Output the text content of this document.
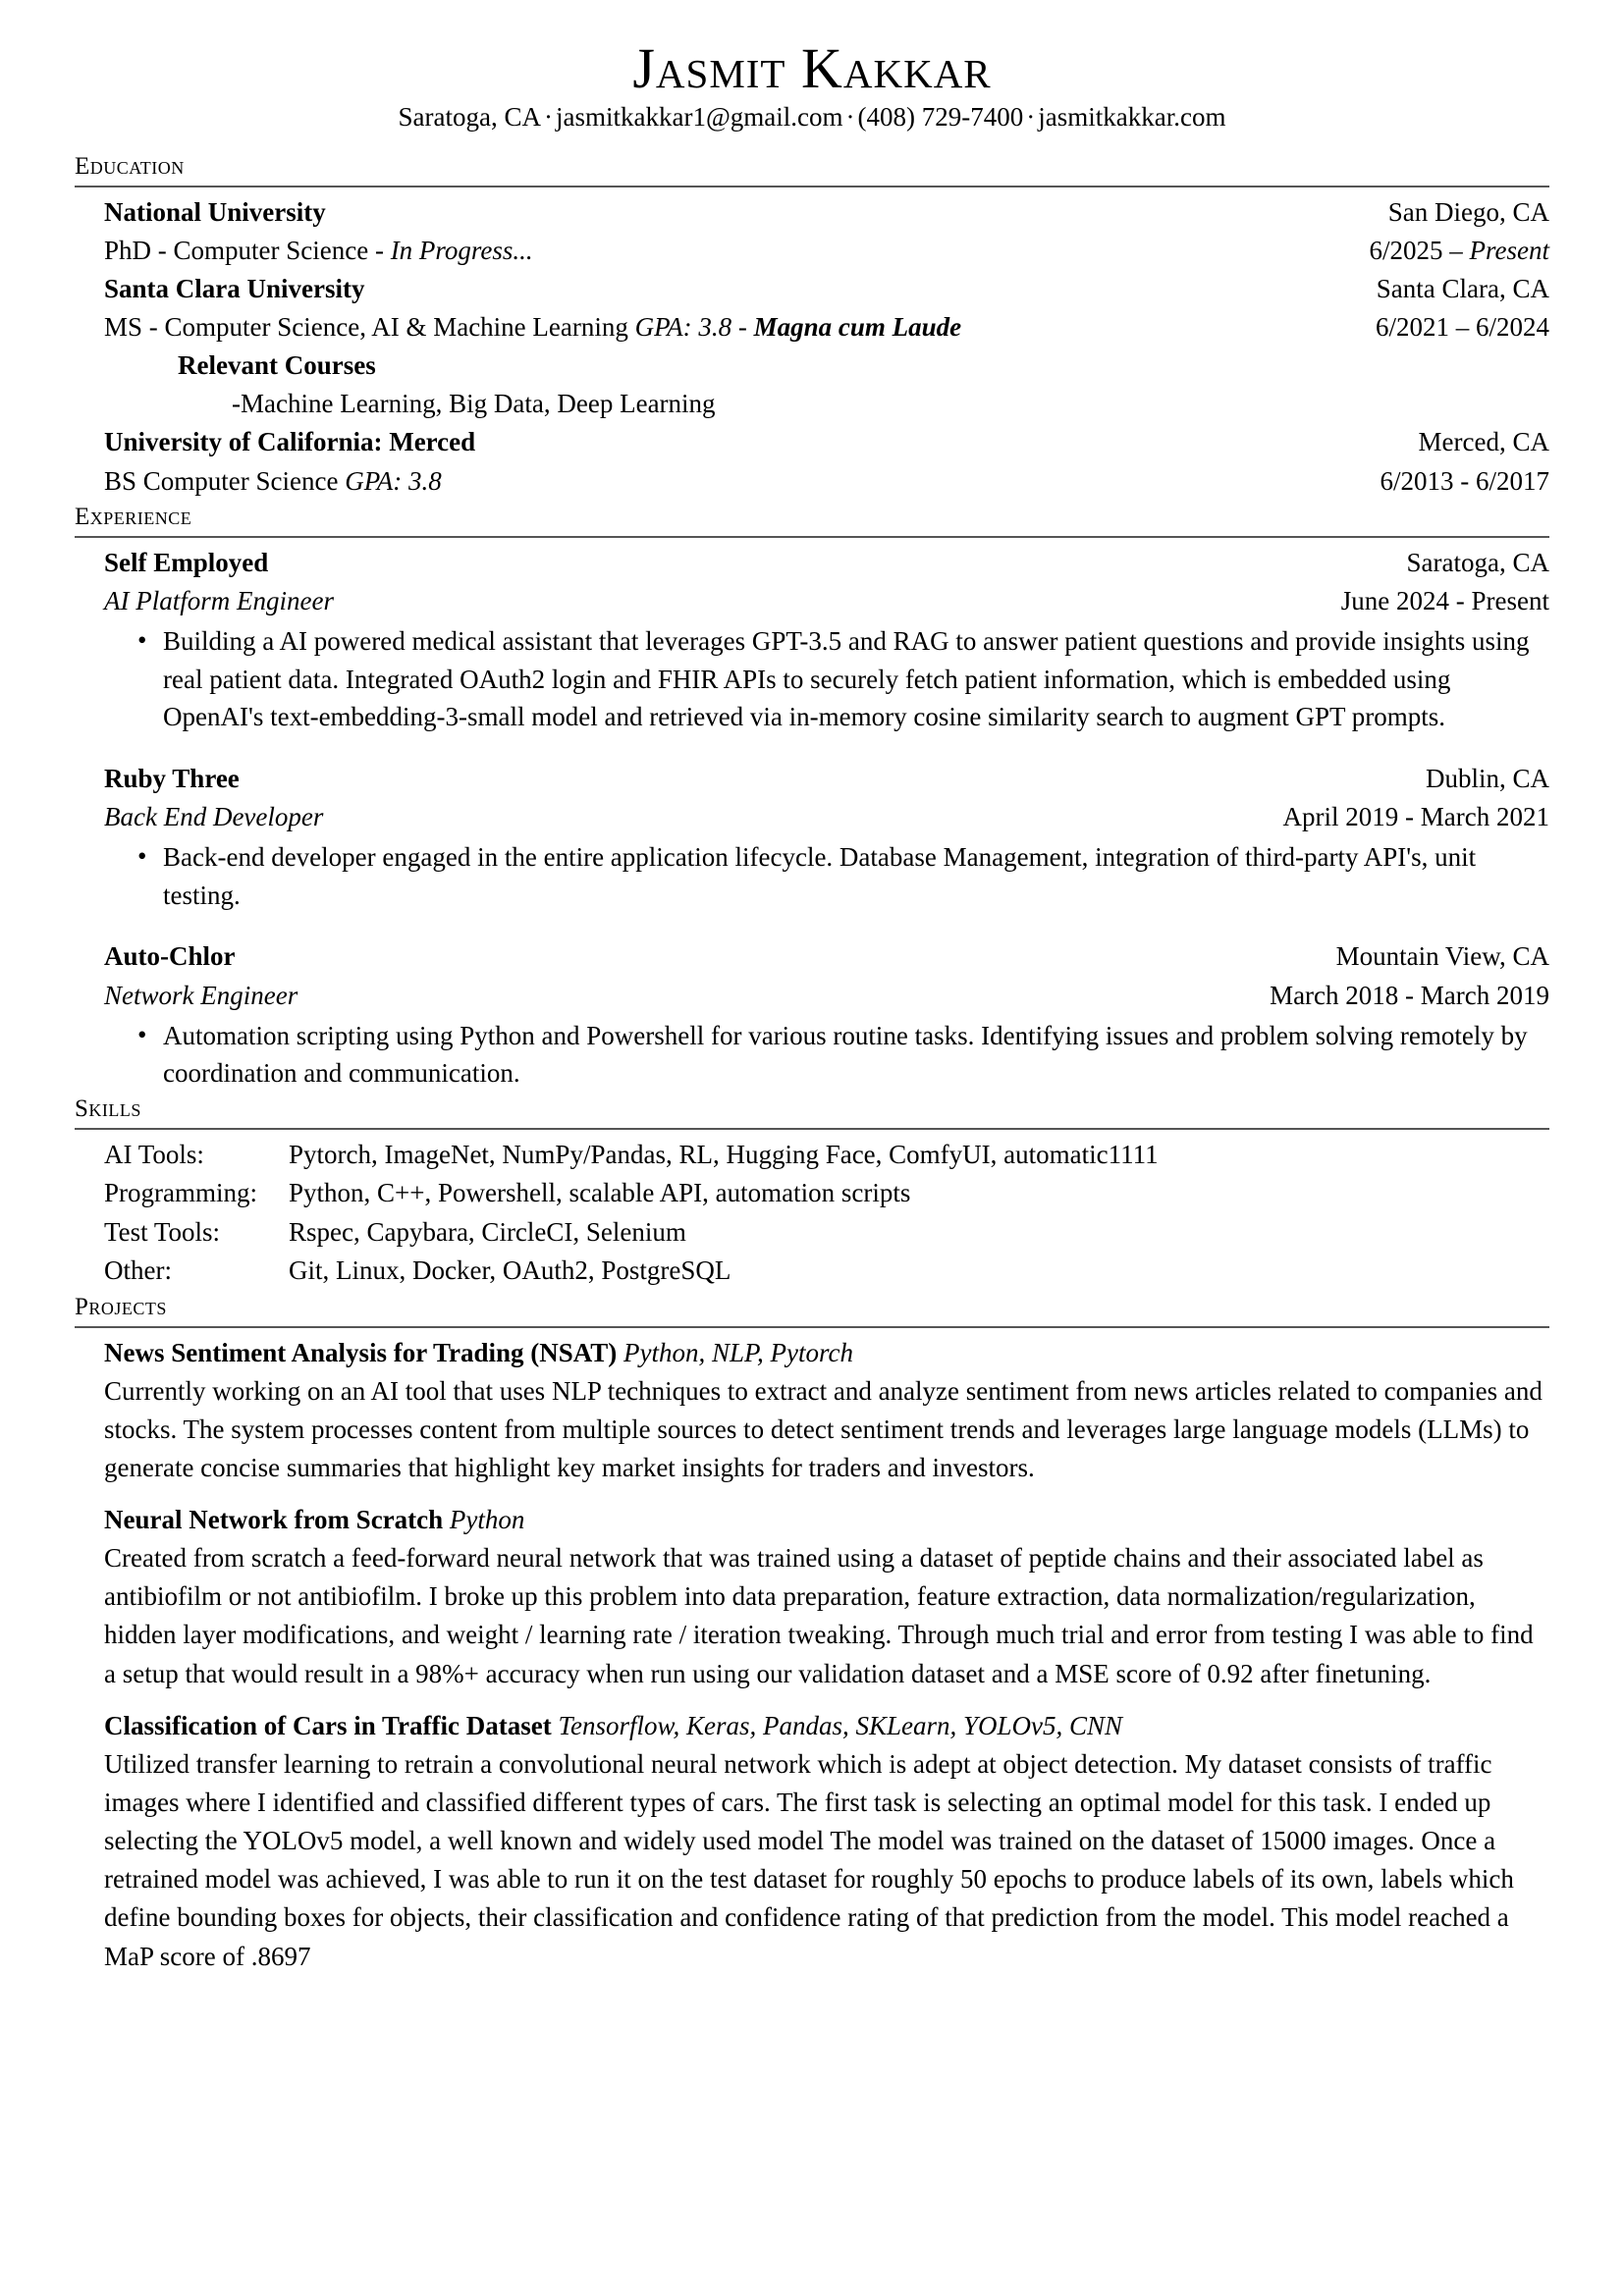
Jasmit Kakkar
Saratoga, CA · jasmitkakkar1@gmail.com · (408) 729-7400 · jasmitkakkar.com
Education
National University	San Diego, CA
PhD - Computer Science - In Progress...	6/2025 – Present
Santa Clara University	Santa Clara, CA
MS - Computer Science, AI & Machine Learning GPA: 3.8 - Magna cum Laude	6/2021 – 6/2024
Relevant Courses
-Machine Learning, Big Data, Deep Learning
University of California: Merced	Merced, CA
BS Computer Science GPA: 3.8	6/2013 - 6/2017
Experience
Self Employed	Saratoga, CA
AI Platform Engineer	June 2024 - Present
• Building a AI powered medical assistant that leverages GPT-3.5 and RAG to answer patient questions and provide insights using real patient data. Integrated OAuth2 login and FHIR APIs to securely fetch patient information, which is embedded using OpenAI's text-embedding-3-small model and retrieved via in-memory cosine similarity search to augment GPT prompts.
Ruby Three	Dublin, CA
Back End Developer	April 2019 - March 2021
• Back-end developer engaged in the entire application lifecycle. Database Management, integration of third-party API's, unit testing.
Auto-Chlor	Mountain View, CA
Network Engineer	March 2018 - March 2019
• Automation scripting using Python and Powershell for various routine tasks. Identifying issues and problem solving remotely by coordination and communication.
Skills
AI Tools:	Pytorch, ImageNet, NumPy/Pandas, RL, Hugging Face, ComfyUI, automatic1111
Programming:	Python, C++, Powershell, scalable API, automation scripts
Test Tools:	Rspec, Capybara, CircleCI, Selenium
Other:	Git, Linux, Docker, OAuth2, PostgreSQL
Projects
News Sentiment Analysis for Trading (NSAT) Python, NLP, Pytorch
Currently working on an AI tool that uses NLP techniques to extract and analyze sentiment from news articles related to companies and stocks. The system processes content from multiple sources to detect sentiment trends and leverages large language models (LLMs) to generate concise summaries that highlight key market insights for traders and investors.
Neural Network from Scratch Python
Created from scratch a feed-forward neural network that was trained using a dataset of peptide chains and their associated label as antibiofilm or not antibiofilm. I broke up this problem into data preparation, feature extraction, data normalization/regularization, hidden layer modifications, and weight / learning rate / iteration tweaking. Through much trial and error from testing I was able to find a setup that would result in a 98%+ accuracy when run using our validation dataset and a MSE score of 0.92 after finetuning.
Classification of Cars in Traffic Dataset Tensorflow, Keras, Pandas, SKLearn, YOLOv5, CNN
Utilized transfer learning to retrain a convolutional neural network which is adept at object detection. My dataset consists of traffic images where I identified and classified different types of cars. The first task is selecting an optimal model for this task. I ended up selecting the YOLOv5 model, a well known and widely used model The model was trained on the dataset of 15000 images. Once a retrained model was achieved, I was able to run it on the test dataset for roughly 50 epochs to produce labels of its own, labels which define bounding boxes for objects, their classification and confidence rating of that prediction from the model. This model reached a MaP score of .8697
